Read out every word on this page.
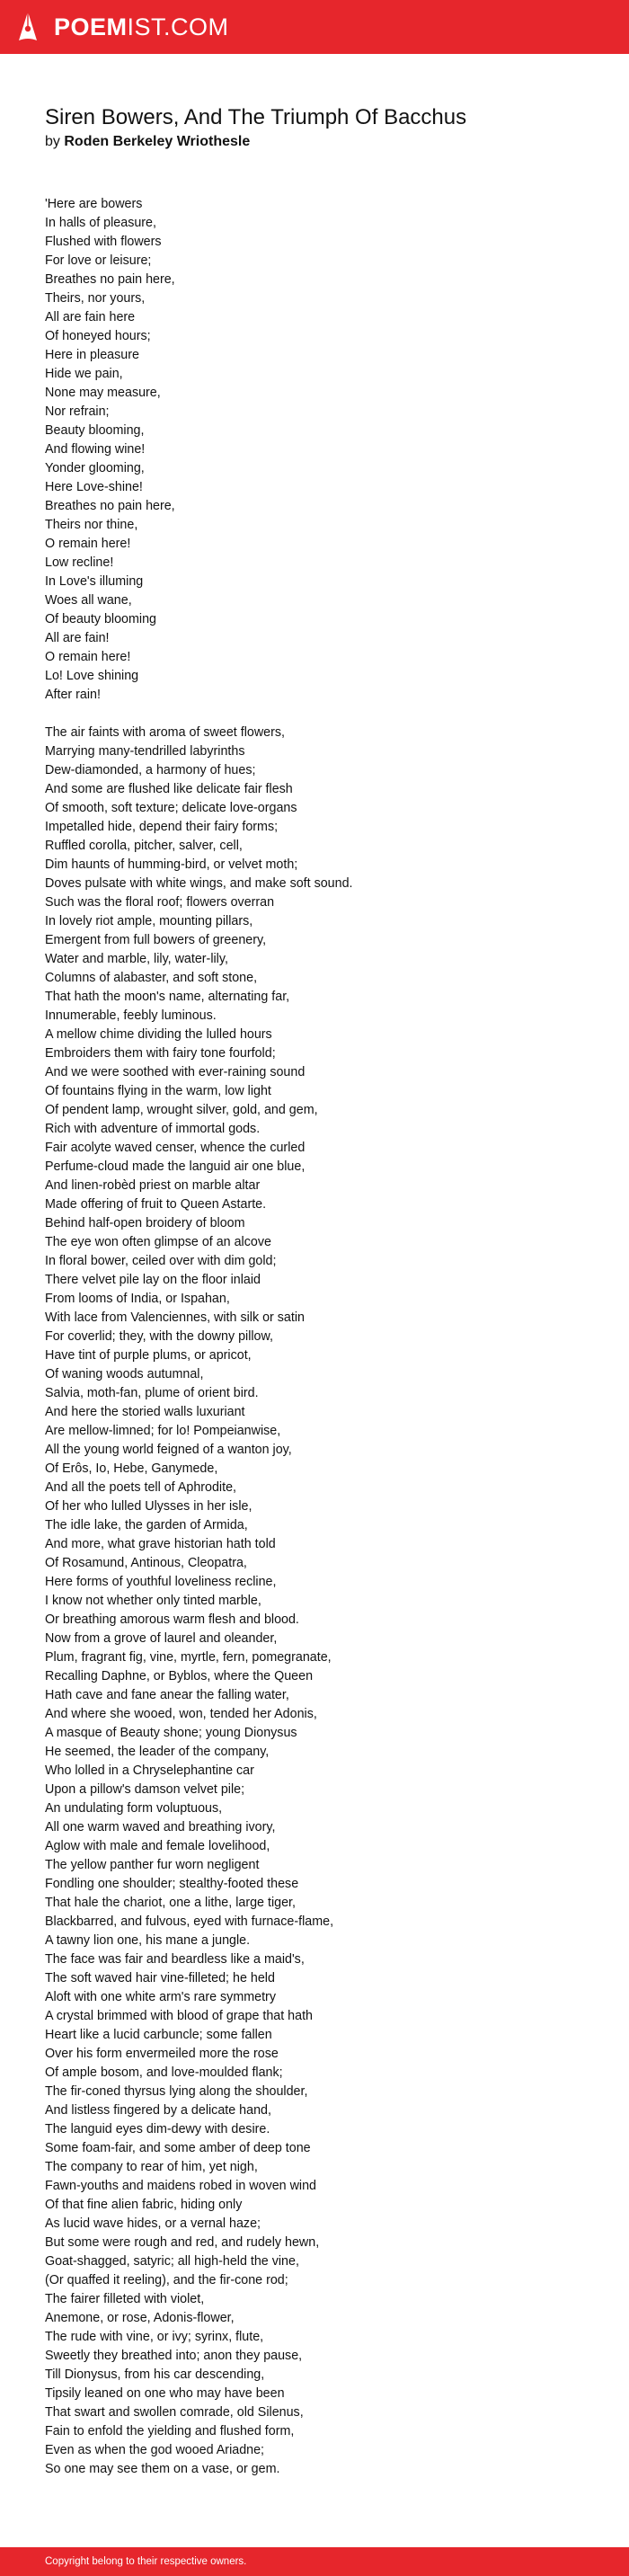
POEMIST.COM
Siren Bowers, And The Triumph Of Bacchus
by Roden Berkeley Wriothesle
'Here are bowers
In halls of pleasure,
Flushed with flowers
For love or leisure;
Breathes no pain here,
Theirs, nor yours,
All are fain here
Of honeyed hours;
Here in pleasure
Hide we pain,
None may measure,
Nor refrain;
Beauty blooming,
And flowing wine!
Yonder glooming,
Here Love-shine!
Breathes no pain here,
Theirs nor thine,
O remain here!
Low recline!
In Love's illuming
Woes all wane,
Of beauty blooming
All are fain!
O remain here!
Lo! Love shining
After rain!
The air faints with aroma of sweet flowers,
Marrying many-tendrilled labyrinths
Dew-diamonded, a harmony of hues;
And some are flushed like delicate fair flesh
Of smooth, soft texture; delicate love-organs
Impetalled hide, depend their fairy forms;
Ruffled corolla, pitcher, salver, cell,
Dim haunts of humming-bird, or velvet moth;
Doves pulsate with white wings, and make soft sound.
Such was the floral roof; flowers overran
In lovely riot ample, mounting pillars,
Emergent from full bowers of greenery,
Water and marble, lily, water-lily,
Columns of alabaster, and soft stone,
That hath the moon's name, alternating far,
Innumerable, feebly luminous.
A mellow chime dividing the lulled hours
Embroiders them with fairy tone fourfold;
And we were soothed with ever-raining sound
Of fountains flying in the warm, low light
Of pendent lamp, wrought silver, gold, and gem,
Rich with adventure of immortal gods.
Fair acolyte waved censer, whence the curled
Perfume-cloud made the languid air one blue,
And linen-robèd priest on marble altar
Made offering of fruit to Queen Astarte.
Behind half-open broidery of bloom
The eye won often glimpse of an alcove
In floral bower, ceiled over with dim gold;
There velvet pile lay on the floor inlaid
From looms of India, or Ispahan,
With lace from Valenciennes, with silk or satin
For coverlid; they, with the downy pillow,
Have tint of purple plums, or apricot,
Of waning woods autumnal,
Salvia, moth-fan, plume of orient bird.
And here the storied walls luxuriant
Are mellow-limned; for lo! Pompeianwise,
All the young world feigned of a wanton joy,
Of Erôs, Io, Hebe, Ganymede,
And all the poets tell of Aphrodite,
Of her who lulled Ulysses in her isle,
The idle lake, the garden of Armida,
And more, what grave historian hath told
Of Rosamund, Antinous, Cleopatra,
Here forms of youthful loveliness recline,
I know not whether only tinted marble,
Or breathing amorous warm flesh and blood.
Now from a grove of laurel and oleander,
Plum, fragrant fig, vine, myrtle, fern, pomegranate,
Recalling Daphne, or Byblos, where the Queen
Hath cave and fane anear the falling water,
And where she wooed, won, tended her Adonis,
A masque of Beauty shone; young Dionysus
He seemed, the leader of the company,
Who lolled in a Chryselephantine car
Upon a pillow's damson velvet pile;
An undulating form voluptuous,
All one warm waved and breathing ivory,
Aglow with male and female lovelihood,
The yellow panther fur worn negligent
Fondling one shoulder; stealthy-footed these
That hale the chariot, one a lithe, large tiger,
Blackbarred, and fulvous, eyed with furnace-flame,
A tawny lion one, his mane a jungle.
The face was fair and beardless like a maid's,
The soft waved hair vine-filleted; he held
Aloft with one white arm's rare symmetry
A crystal brimmed with blood of grape that hath
Heart like a lucid carbuncle; some fallen
Over his form envermeiled more the rose
Of ample bosom, and love-moulded flank;
The fir-coned thyrsus lying along the shoulder,
And listless fingered by a delicate hand,
The languid eyes dim-dewy with desire.
Some foam-fair, and some amber of deep tone
The company to rear of him, yet nigh,
Fawn-youths and maidens robed in woven wind
Of that fine alien fabric, hiding only
As lucid wave hides, or a vernal haze;
But some were rough and red, and rudely hewn,
Goat-shagged, satyric; all high-held the vine,
(Or quaffed it reeling), and the fir-cone rod;
The fairer filleted with violet,
Anemone, or rose, Adonis-flower,
The rude with vine, or ivy; syrinx, flute,
Sweetly they breathed into; anon they pause,
Till Dionysus, from his car descending,
Tipsily leaned on one who may have been
That swart and swollen comrade, old Silenus,
Fain to enfold the yielding and flushed form,
Even as when the god wooed Ariadne;
So one may see them on a vase, or gem.
Copyright belong to their respective owners.
